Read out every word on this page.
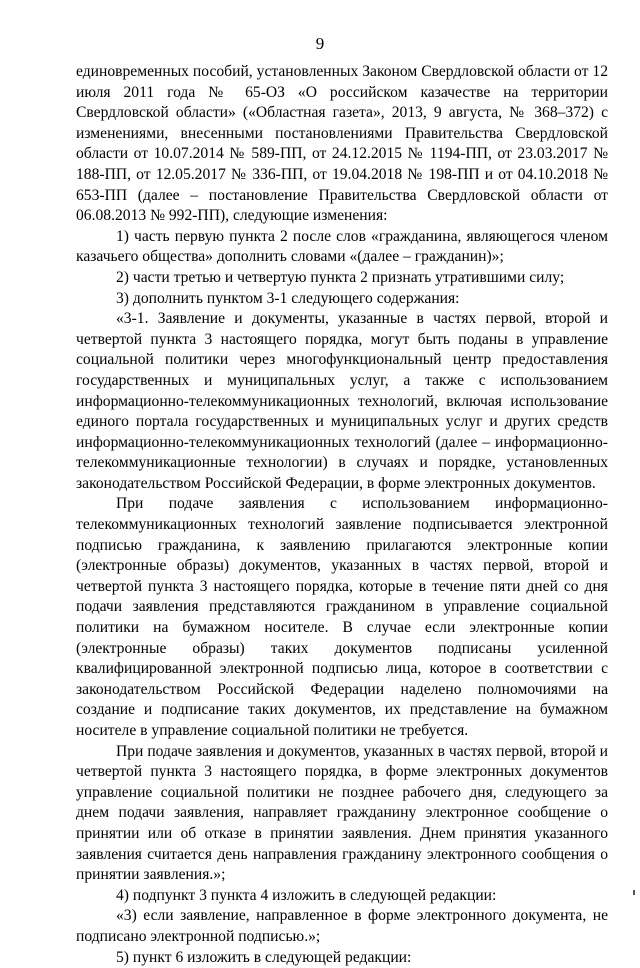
9

единовременных пособий, установленных Законом Свердловской области от 12 июля 2011 года № 65-ОЗ «О российском казачестве на территории Свердловской области» («Областная газета», 2013, 9 августа, № 368–372) с изменениями, внесенными постановлениями Правительства Свердловской области от 10.07.2014 № 589-ПП, от 24.12.2015 № 1194-ПП, от 23.03.2017 № 188-ПП, от 12.05.2017 № 336-ПП, от 19.04.2018 № 198-ПП и от 04.10.2018 № 653-ПП (далее – постановление Правительства Свердловской области от 06.08.2013 № 992-ПП), следующие изменения:

1) часть первую пункта 2 после слов «гражданина, являющегося членом казачьего общества» дополнить словами «(далее – гражданин)»;

2) части третью и четвертую пункта 2 признать утратившими силу;

3) дополнить пунктом 3-1 следующего содержания:

«3-1. Заявление и документы, указанные в частях первой, второй и четвертой пункта 3 настоящего порядка, могут быть поданы в управление социальной политики через многофункциональный центр предоставления государственных и муниципальных услуг, а также с использованием информационно-телекоммуникационных технологий, включая использование единого портала государственных и муниципальных услуг и других средств информационно-телекоммуникационных технологий (далее – информационно-телекоммуникационные технологии) в случаях и порядке, установленных законодательством Российской Федерации, в форме электронных документов.

При подаче заявления с использованием информационно-телекоммуникационных технологий заявление подписывается электронной подписью гражданина, к заявлению прилагаются электронные копии (электронные образы) документов, указанных в частях первой, второй и четвертой пункта 3 настоящего порядка, которые в течение пяти дней со дня подачи заявления представляются гражданином в управление социальной политики на бумажном носителе. В случае если электронные копии (электронные образы) таких документов подписаны усиленной квалифицированной электронной подписью лица, которое в соответствии с законодательством Российской Федерации наделено полномочиями на создание и подписание таких документов, их представление на бумажном носителе в управление социальной политики не требуется.

При подаче заявления и документов, указанных в частях первой, второй и четвертой пункта 3 настоящего порядка, в форме электронных документов управление социальной политики не позднее рабочего дня, следующего за днем подачи заявления, направляет гражданину электронное сообщение о принятии или об отказе в принятии заявления. Днем принятия указанного заявления считается день направления гражданину электронного сообщения о принятии заявления.»;

4) подпункт 3 пункта 4 изложить в следующей редакции:

«3) если заявление, направленное в форме электронного документа, не подписано электронной подписью.»;

5) пункт 6 изложить в следующей редакции:
